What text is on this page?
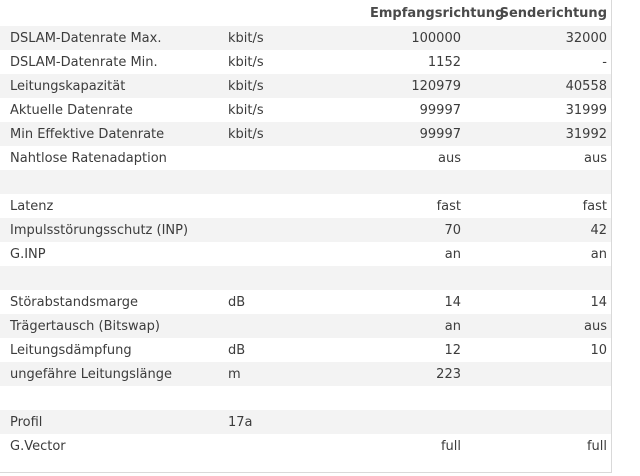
		Empfangsrichtung	Senderichtung
DSLAM-Datenrate Max.	kbit/s	100000	32000
DSLAM-Datenrate Min.	kbit/s	1152	-
Leitungskapazität	kbit/s	120979	40558
Aktuelle Datenrate	kbit/s	99997	31999
Min Effektive Datenrate	kbit/s	99997	31992
Nahtlose Ratenadaption		aus	aus

Latenz		fast	fast
Impulsstörungsschutz (INP)		70	42
G.INP		an	an

Störabstandsmarge	dB	14	14
Trägertausch (Bitswap)		an	aus
Leitungsdämpfung	dB	12	10
ungefähre Leitungslänge	m	223	

Profil	17a		
G.Vector		full	full
